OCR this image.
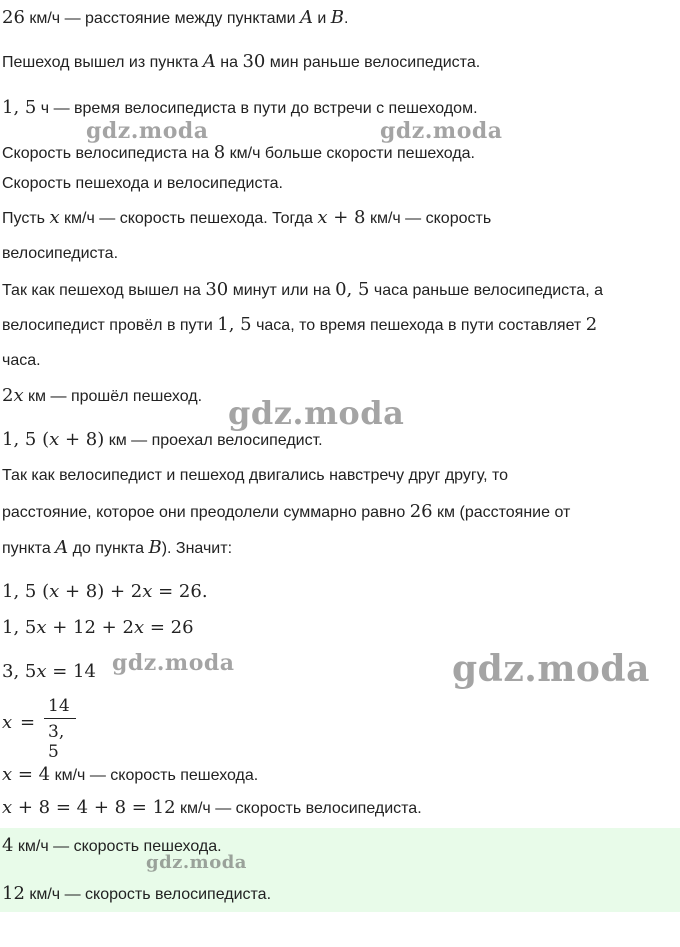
26 км/ч — расстояние между пунктами A и B.
Пешеход вышел из пункта A на 30 мин раньше велосипедиста.
1, 5 ч — время велосипедиста в пути до встречи с пешеходом.
Скорость велосипедиста на 8 км/ч больше скорости пешехода.
Скорость пешехода и велосипедиста.
Пусть x км/ч — скорость пешехода. Тогда x + 8 км/ч — скорость
велосипедиста.
Так как пешеход вышел на 30 минут или на 0, 5 часа раньше велосипедиста, а
велосипедист провёл в пути 1, 5 часа, то время пешехода в пути составляет 2
часа.
2x км — прошёл пешеход.
1, 5 (x + 8) км — проехал велосипедист.
Так как велосипедист и пешеход двигались навстречу друг другу, то
расстояние, которое они преодолели суммарно равно 26 км (расстояние от
пункта A до пункта B). Значит:
1, 5 (x + 8) + 2x = 26.
1, 5x + 12 + 2x = 26
3, 5x = 14
x =
14
3, 5
x = 4 км/ч — скорость пешехода.
x + 8 = 4 + 8 = 12 км/ч — скорость велосипедиста.
4 км/ч — скорость пешехода.
12 км/ч — скорость велосипедиста.
gdz.moda	gdz.moda
gdz.moda
gdz.moda	gdz.moda
gdz.moda
